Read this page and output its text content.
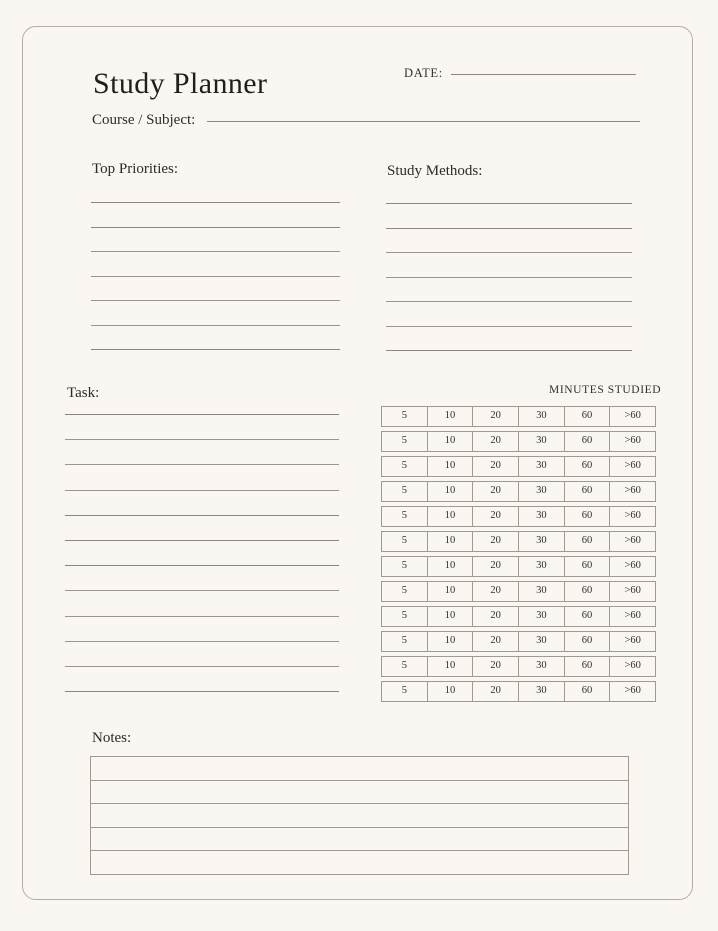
Study Planner	DATE:
Course / Subject:
Top Priorities:	Study Methods:
Task:	MINUTES STUDIED
5	10	20	30	60	>60
5	10	20	30	60	>60
5	10	20	30	60	>60
5	10	20	30	60	>60
5	10	20	30	60	>60
5	10	20	30	60	>60
5	10	20	30	60	>60
5	10	20	30	60	>60
5	10	20	30	60	>60
5	10	20	30	60	>60
5	10	20	30	60	>60
5	10	20	30	60	>60
Notes:
